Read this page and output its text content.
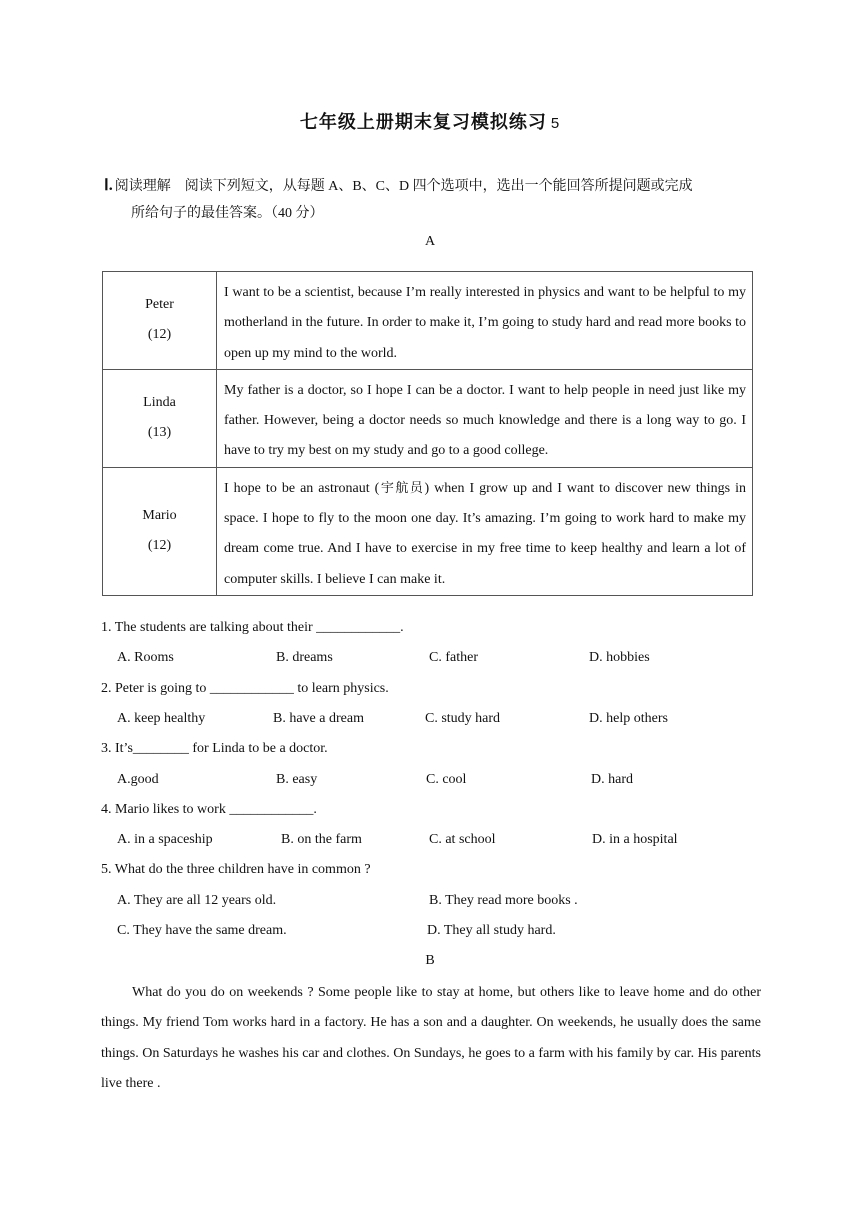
七年级上册期末复习模拟练习 5
Ⅰ. 阅读理解 阅读下列短文，从每题 A、B、C、D 四个选项中，选出一个能回答所提问题或完成
所给句子的最佳答案。（40 分）
A
Peter
(12)	I want to be a scientist, because I’m really interested in physics and want to be helpful to my motherland in the future. In order to make it, I’m going to study hard and read more books to open up my mind to the world.

Linda
(13)	My father is a doctor, so I hope I can be a doctor. I want to help people in need just like my father. However, being a doctor needs so much knowledge and there is a long way to go. I have to try my best on my study and go to a good college.

Mario
(12)	I hope to be an astronaut (宇航员) when I grow up and I want to discover new things in space. I hope to fly to the moon one day. It’s amazing. I’m going to work hard to make my dream come true. And I have to exercise in my free time to keep healthy and learn a lot of computer skills. I believe I can make it.
1. The students are talking about their ____________.
A. Rooms	B. dreams	C. father	D. hobbies
2. Peter is going to ____________ to learn physics.
A. keep healthy	B. have a dream	C. study hard	D. help others
3. It’s________ for Linda to be a doctor.
A.good	B. easy	C. cool	D. hard
4. Mario likes to work ____________.
A. in a spaceship	B. on the farm	C. at school	D. in a hospital
5. What do the three children have in common ?
A. They are all 12 years old.	B. They read more books .
C. They have the same dream.	D. They all study hard.
B
What do you do on weekends ? Some people like to stay at home, but others like to leave home and do other things. My friend Tom works hard in a factory. He has a son and a daughter. On weekends, he usually does the same things. On Saturdays he washes his car and clothes. On Sundays, he goes to a farm with his family by car. His parents live there .
